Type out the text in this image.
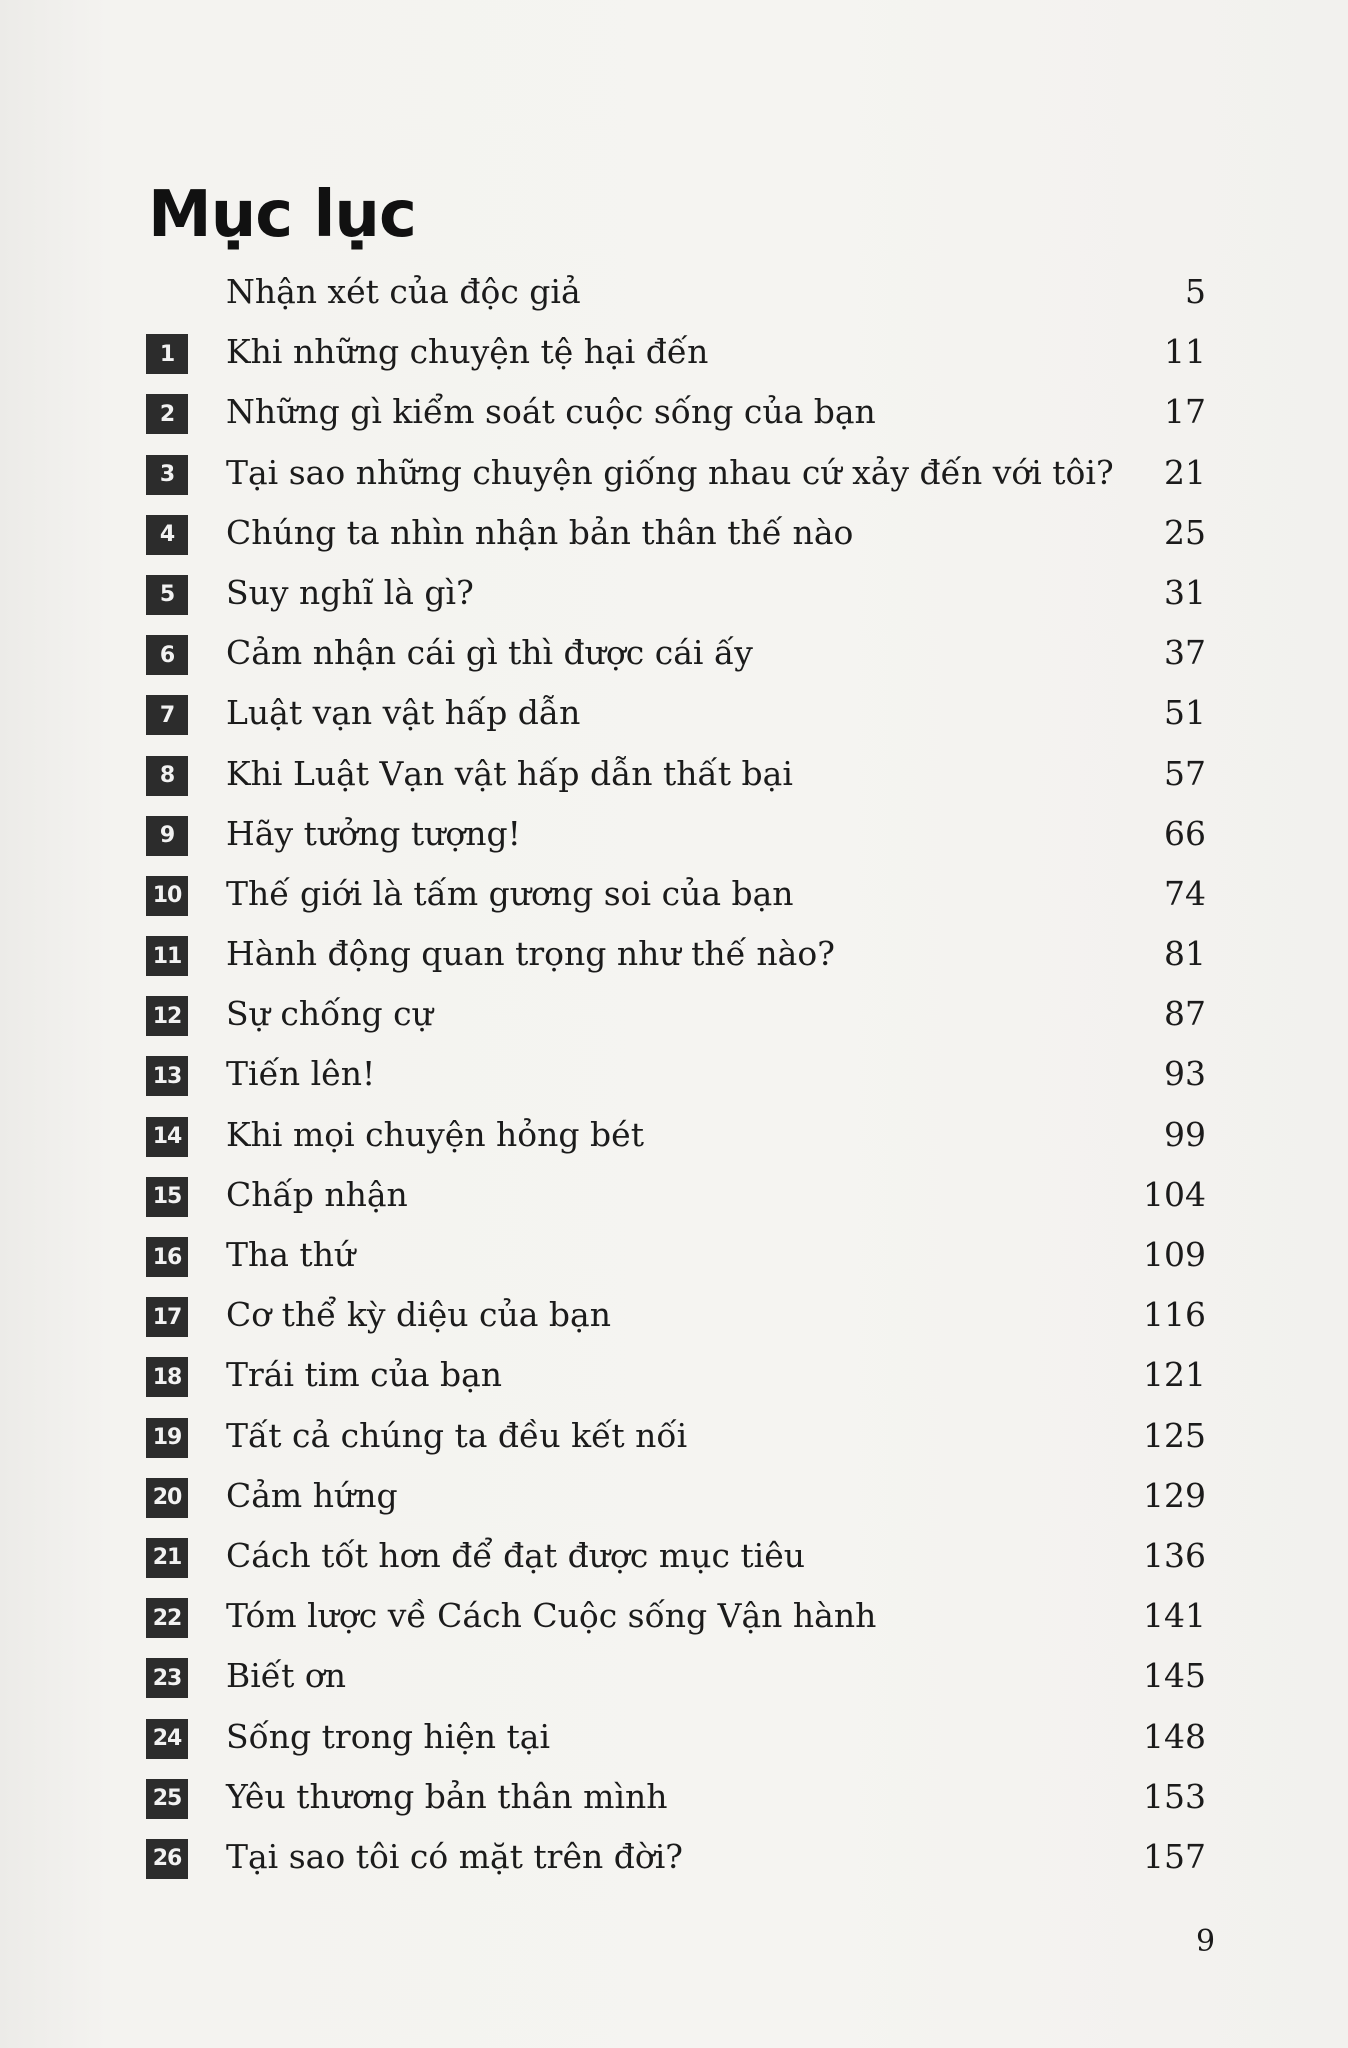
Mục lục
Nhận xét của độc giả	5
1	Khi những chuyện tệ hại đến	11
2	Những gì kiểm soát cuộc sống của bạn	17
3	Tại sao những chuyện giống nhau cứ xảy đến với tôi? 21
4	Chúng ta nhìn nhận bản thân thế nào	25
5	Suy nghĩ là gì?	31
6	Cảm nhận cái gì thì được cái ấy	37
7	Luật vạn vật hấp dẫn	51
8	Khi Luật Vạn vật hấp dẫn thất bại	57
9	Hãy tưởng tượng!	66
10 Thế giới là tấm gương soi của bạn	74
11 Hành động quan trọng như thế nào?	81
12 Sự chống cự	87
13 Tiến lên!	93
14 Khi mọi chuyện hỏng bét	99
15 Chấp nhận	104
16 Tha thứ	109
17 Cơ thể kỳ diệu của bạn	116
18 Trái tim của bạn	121
19 Tất cả chúng ta đều kết nối	125
20 Cảm hứng	129
21 Cách tốt hơn để đạt được mục tiêu	136
22 Tóm lược về Cách Cuộc sống Vận hành	141
23 Biết ơn	145
24 Sống trong hiện tại	148
25 Yêu thương bản thân mình	153
26 Tại sao tôi có mặt trên đời?	157
9
